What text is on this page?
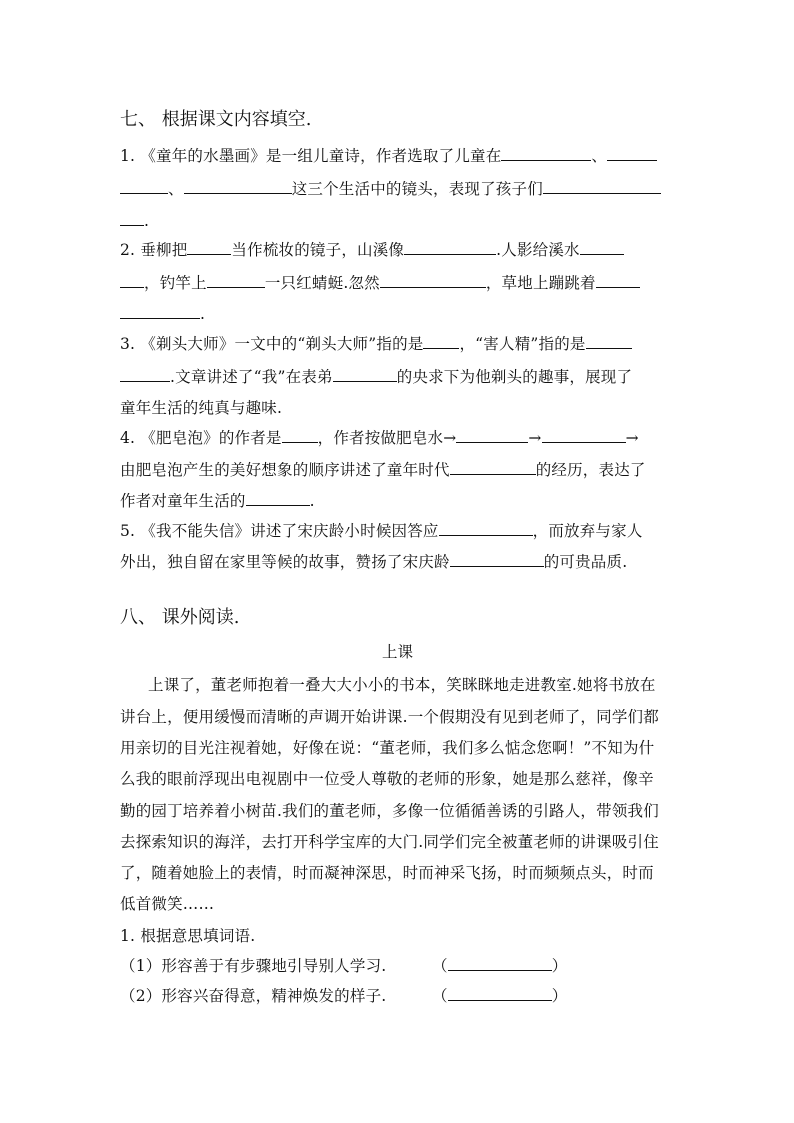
七、 根据课文内容填空.
1. 《童年的水墨画》是一组儿童诗，作者选取了儿童在	、
、	这三个生活中的镜头，表现了孩子们
.
2. 垂柳把	当作梳妆的镜子，山溪像	.人影给溪水
，钓竿上	一只红蜻蜓.忽然	，草地上蹦跳着
.
3. 《剃头大师》一文中的“剃头大师”指的是 ，“害人精”指的是
.文章讲述了“我”在表弟	的央求下为他剃头的趣事，展现了
童年生活的纯真与趣味.
4. 《肥皂泡》的作者是 ，作者按做肥皂水→	→	→
由肥皂泡产生的美好想象的顺序讲述了童年时代	的经历，表达了
作者对童年生活的	.
5. 《我不能失信》讲述了宋庆龄小时候因答应	，而放弃与家人
外出，独自留在家里等候的故事，赞扬了宋庆龄	的可贵品质.
八、 课外阅读.
上课
上课了，董老师抱着一叠大大小小的书本，笑眯眯地走进教室.她将书放在
讲台上，便用缓慢而清晰的声调开始讲课.一个假期没有见到老师了，同学们都
用亲切的目光注视着她，好像在说：“董老师，我们多么惦念您啊！”不知为什
么我的眼前浮现出电视剧中一位受人尊敬的老师的形象，她是那么慈祥，像辛
勤的园丁培养着小树苗.我们的董老师，多像一位循循善诱的引路人，带领我们
去探索知识的海洋，去打开科学宝库的大门.同学们完全被董老师的讲课吸引住
了，随着她脸上的表情，时而凝神深思，时而神采飞扬，时而频频点头，时而
低首微笑……
1. 根据意思填词语.
（1）形容善于有步骤地引导别人学习.	（	）
（2）形容兴奋得意，精神焕发的样子.	（	）
